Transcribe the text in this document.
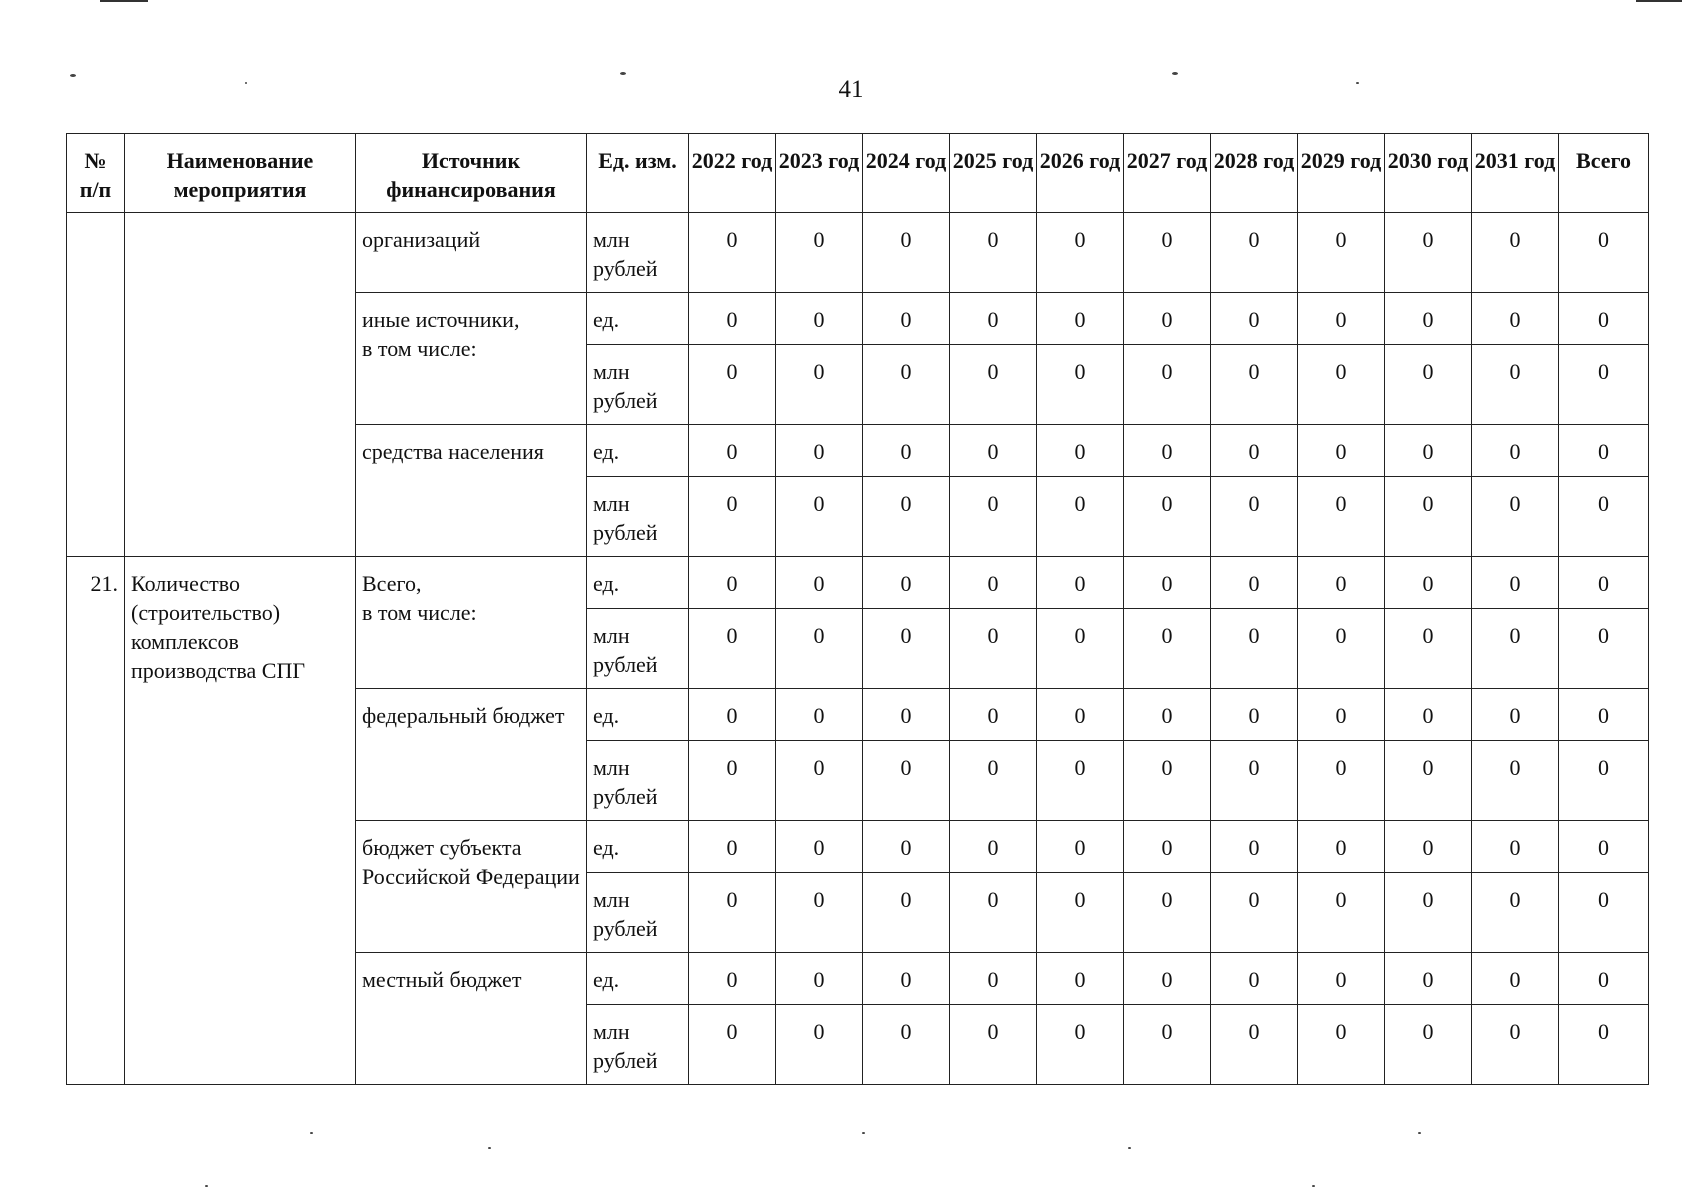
41
№
п/п	Наименование мероприятия	Источник финансирования	Ед. изм.	2022 год	2023 год	2024 год	2025 год	2026 год	2027 год	2028 год	2029 год	2030 год	2031 год	Всего
		организаций	млн рублей	0	0	0	0	0	0	0	0	0	0	0
		иные источники,
в том числе:	ед.	0	0	0	0	0	0	0	0	0	0	0
			млн рублей	0	0	0	0	0	0	0	0	0	0	0
		средства населения	ед.	0	0	0	0	0	0	0	0	0	0	0
			млн рублей	0	0	0	0	0	0	0	0	0	0	0
21.	Количество (строительство) комплексов производства СПГ	Всего,
в том числе:	ед.	0	0	0	0	0	0	0	0	0	0	0
			млн рублей	0	0	0	0	0	0	0	0	0	0	0
		федеральный бюджет	ед.	0	0	0	0	0	0	0	0	0	0	0
			млн рублей	0	0	0	0	0	0	0	0	0	0	0
		бюджет субъекта Российской Федерации	ед.	0	0	0	0	0	0	0	0	0	0	0
			млн рублей	0	0	0	0	0	0	0	0	0	0	0
		местный бюджет	ед.	0	0	0	0	0	0	0	0	0	0	0
			млн рублей	0	0	0	0	0	0	0	0	0	0	0
